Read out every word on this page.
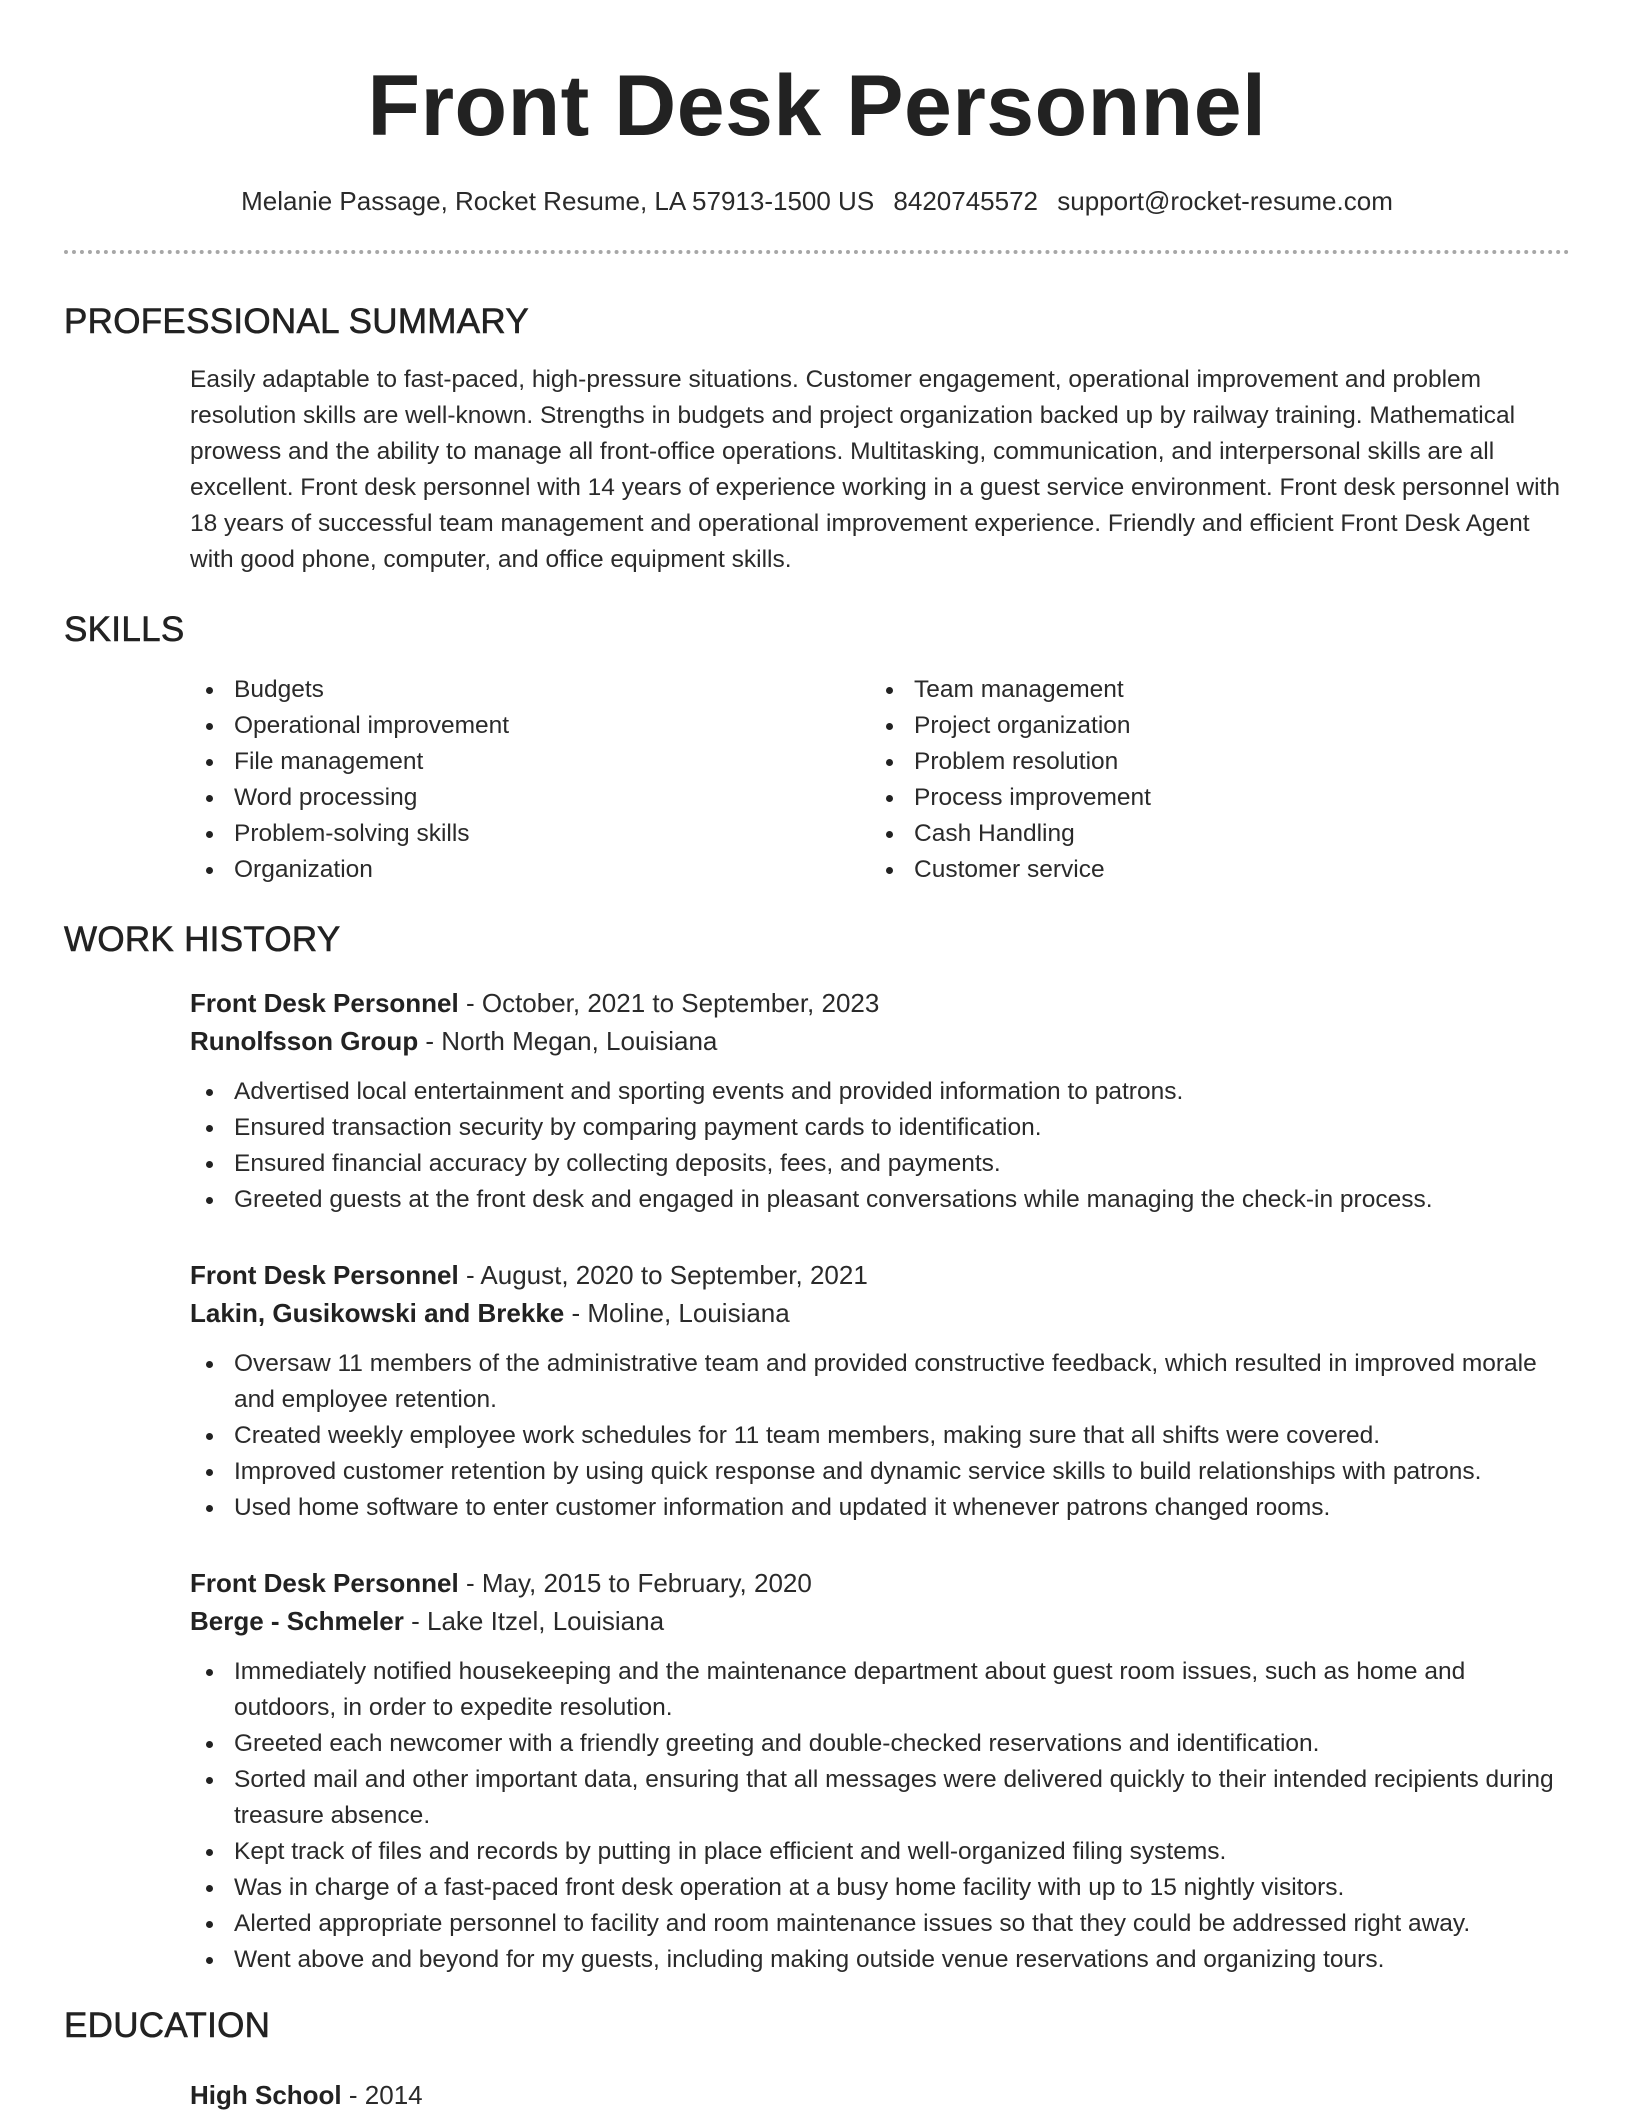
Front Desk Personnel
Melanie Passage, Rocket Resume, LA 57913-1500 US 8420745572 support@rocket-resume.com
PROFESSIONAL SUMMARY

Easily adaptable to fast-paced, high-pressure situations. Customer engagement, operational improvement and problem resolution skills are well-known. Strengths in budgets and project organization backed up by railway training. Mathematical prowess and the ability to manage all front-office operations. Multitasking, communication, and interpersonal skills are all excellent. Front desk personnel with 14 years of experience working in a guest service environment. Front desk personnel with 18 years of successful team management and operational improvement experience. Friendly and efficient Front Desk Agent with good phone, computer, and office equipment skills.

SKILLS
Budgets
Operational improvement
File management
Word processing
Problem-solving skills
Organization
Team management
Project organization
Problem resolution
Process improvement
Cash Handling
Customer service
WORK HISTORY
Front Desk Personnel - October, 2021 to September, 2023
Runolfsson Group - North Megan, Louisiana
Advertised local entertainment and sporting events and provided information to patrons.
Ensured transaction security by comparing payment cards to identification.
Ensured financial accuracy by collecting deposits, fees, and payments.
Greeted guests at the front desk and engaged in pleasant conversations while managing the check-in process.
Front Desk Personnel - August, 2020 to September, 2021
Lakin, Gusikowski and Brekke - Moline, Louisiana
Oversaw 11 members of the administrative team and provided constructive feedback, which resulted in improved morale and employee retention.
Created weekly employee work schedules for 11 team members, making sure that all shifts were covered.
Improved customer retention by using quick response and dynamic service skills to build relationships with patrons.
Used home software to enter customer information and updated it whenever patrons changed rooms.
Front Desk Personnel - May, 2015 to February, 2020
Berge - Schmeler - Lake Itzel, Louisiana
Immediately notified housekeeping and the maintenance department about guest room issues, such as home and outdoors, in order to expedite resolution.
Greeted each newcomer with a friendly greeting and double-checked reservations and identification.
Sorted mail and other important data, ensuring that all messages were delivered quickly to their intended recipients during treasure absence.
Kept track of files and records by putting in place efficient and well-organized filing systems.
Was in charge of a fast-paced front desk operation at a busy home facility with up to 15 nightly visitors.
Alerted appropriate personnel to facility and room maintenance issues so that they could be addressed right away.
Went above and beyond for my guests, including making outside venue reservations and organizing tours.
EDUCATION
High School - 2014
